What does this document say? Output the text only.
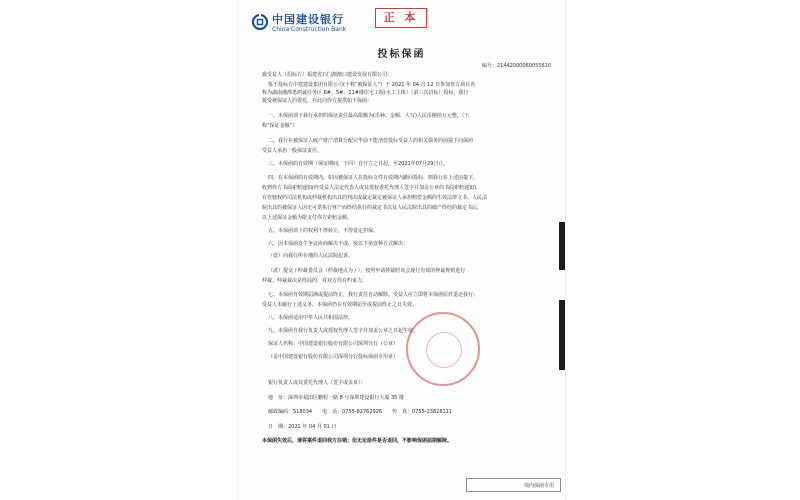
中国建设银行
China Construction Bank
正 本
投标保函
编号：21442000060055610
致受益人（招标方）福建省石门澳澳口建设发展有限公司：
鉴于投标方中建建设集团有限公司(下称“被保证人”）于 2021 年 04 月 12 日参加你方项目名
称为湖南湘潭勇鸿诚任务区 6#、5#、11#楼住宅工程(水工主体）（第三次招标）投标，我行
接受被保证人的委托，在此向你方提供如下保函：
一、本保函项下我行承担的保证责任最高限额为(币种、金额、大写)人民币捌拾万元整。（下
称“保证金额”）
二、我行在被保证人破产财产清算分配完毕前不能清偿投标受益人的相关债务的前提下向保函
受益人承担一般保证责任。
三、本保函的有效期（保证期间，下同）自开立之日起，至2021年07月29日止。
四、在本保函的有效期内，如因被保证人在投标文件有效期内撤回投标，则我行在上述前提下，
收到你方书面索赔通知(经受益人法定代表人或其授权委托代理人签字并加盖公章的书面索赔通知)、
有管辖权的司法机构或仲裁机构出具的判决或裁定裁定被保证人承担赔偿金额的生效法律文书、人民法
院出具的被保证人因无可供执行财产而终结执行的裁定书以及人民法院出具的破产终结的裁定书后，
以上述保证金额为限支付你方索赔金额。
五、本保函项下的权利不得转让，不得设定担保。
六、因本保函发生争议协商解决不成，按以下第壹种方式解决：
（壹）向我行所在地的人民法院起诉。
（贰）提交 / 仲裁委员会（仲裁地点为 / ），按照申请仲裁时该会现行有效的仲裁规则进行
仲裁。仲裁裁决是终局的，对双方均有约束力。
七、本保函有效期届满或提前终止，我行责任自动解除。受益人应立即将本保函原件退还我行；
受益人未履行上述义务，本保函仍在有效期届至或提前终止之日失效。
八、本保函适用中华人民共和国法律。
九、本保函自我行负责人或授权代理人签字并加盖公章之日起生效。
保证人名称：中国建设银行股份有限公司深圳分行（公章）
（盖中国建设银行股份有限公司深圳分行投标保函专用章）
银行负责人或其委托代理人（签字或盖章）：
地　址：深圳市福田区鹏程一路 8 号深圳建设银行大厦 35 楼
邮政编码：518034　　电　话：0755-82762926　　传　真：0755-23828111
日　期：2021 年 04 月 01 日
本保函失效后，请将案件退回我方注销；但无论原件是否退回，不影响保函届期解除。
境内保函专用
